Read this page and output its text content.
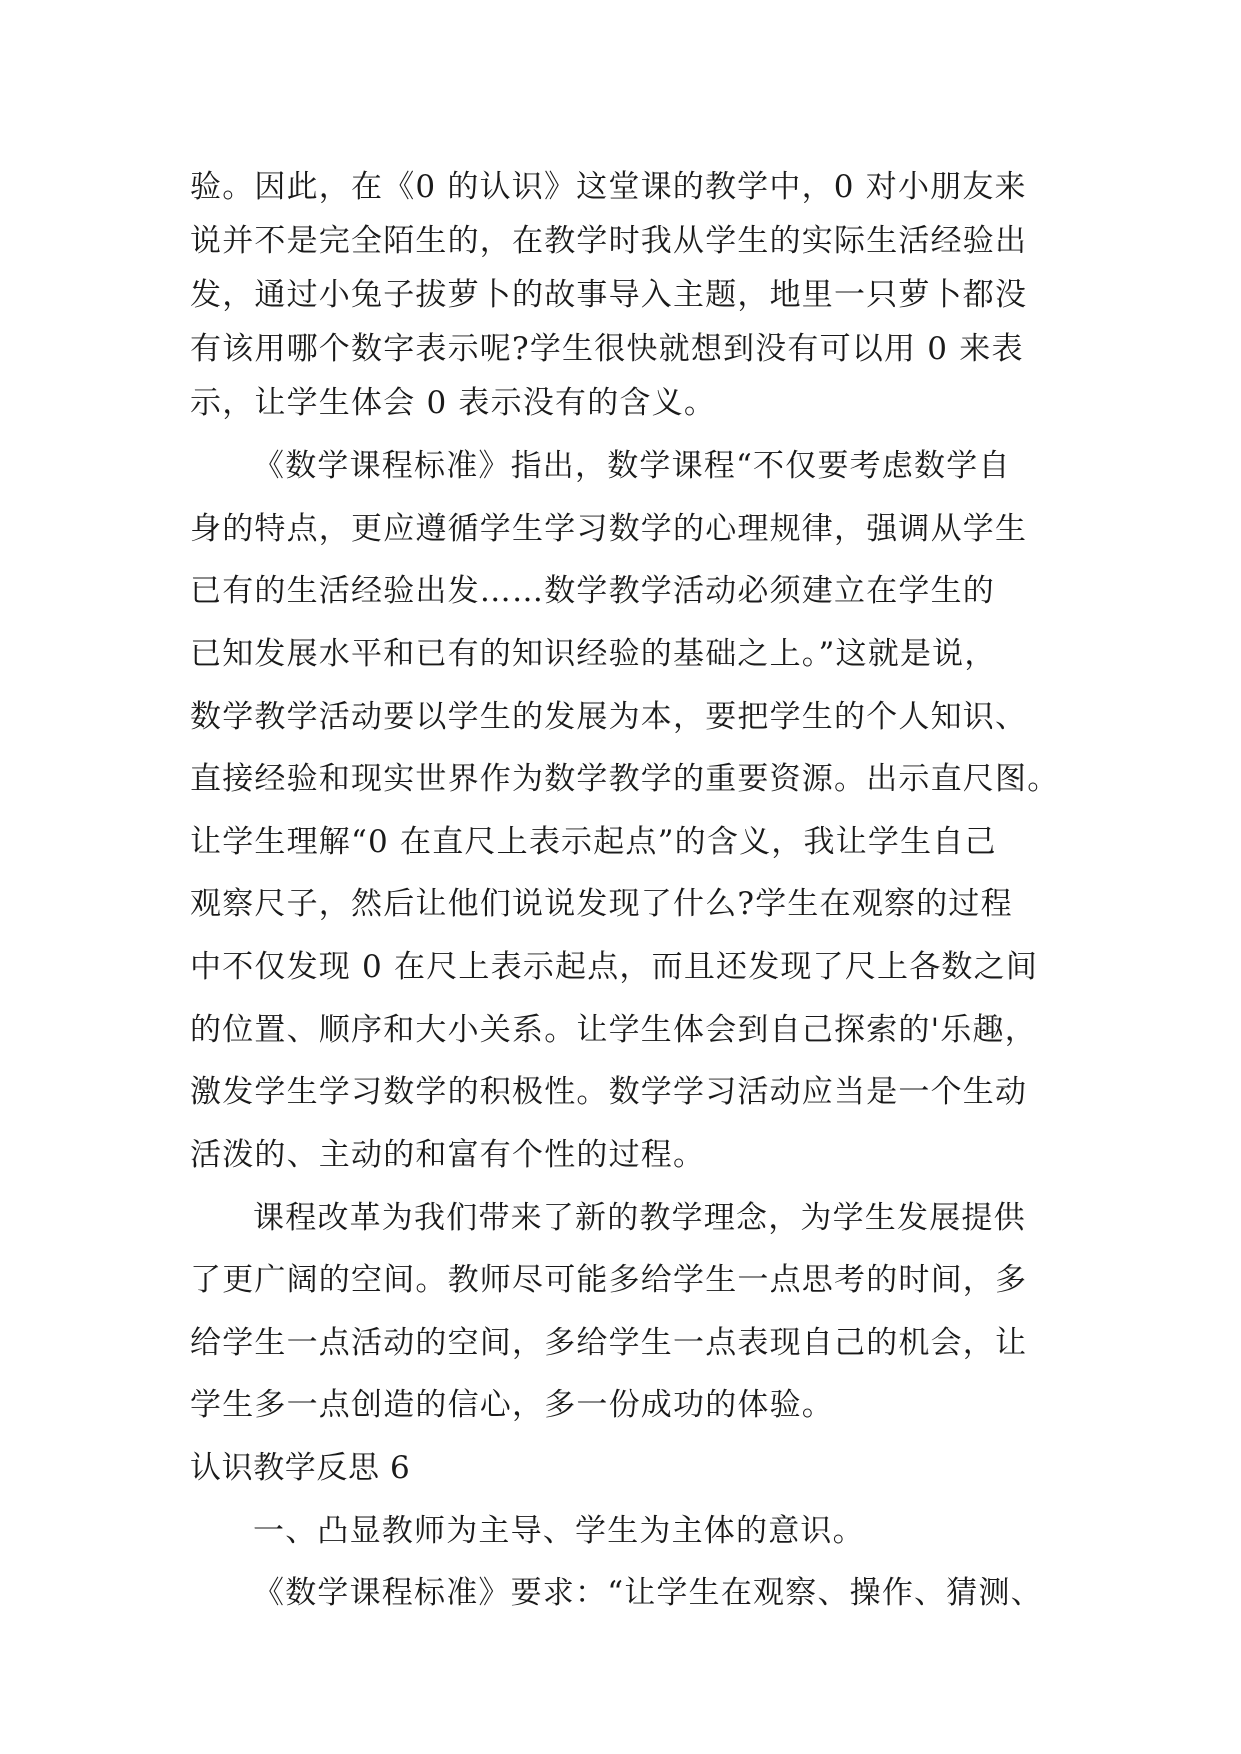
验。因此，在《0 的认识》这堂课的教学中，0 对小朋友来
说并不是完全陌生的，在教学时我从学生的实际生活经验出
发，通过小兔子拔萝卜的故事导入主题，地里一只萝卜都没
有该用哪个数字表示呢?学生很快就想到没有可以用 0 来表
示，让学生体会 0 表示没有的含义。
《数学课程标准》指出，数学课程“不仅要考虑数学自
身的特点，更应遵循学生学习数学的心理规律，强调从学生
已有的生活经验出发……数学教学活动必须建立在学生的
已知发展水平和已有的知识经验的基础之上。”这就是说，
数学教学活动要以学生的发展为本，要把学生的个人知识、
直接经验和现实世界作为数学教学的重要资源。出示直尺图。
让学生理解“0 在直尺上表示起点”的含义，我让学生自己
观察尺子，然后让他们说说发现了什么?学生在观察的过程
中不仅发现 0 在尺上表示起点，而且还发现了尺上各数之间
的位置、顺序和大小关系。让学生体会到自己探索的'乐趣，
激发学生学习数学的积极性。数学学习活动应当是一个生动
活泼的、主动的和富有个性的过程。
课程改革为我们带来了新的教学理念，为学生发展提供
了更广阔的空间。教师尽可能多给学生一点思考的时间，多
给学生一点活动的空间，多给学生一点表现自己的机会，让
学生多一点创造的信心，多一份成功的体验。
认识教学反思 6
一、凸显教师为主导、学生为主体的意识。
《数学课程标准》要求：“让学生在观察、操作、猜测、
